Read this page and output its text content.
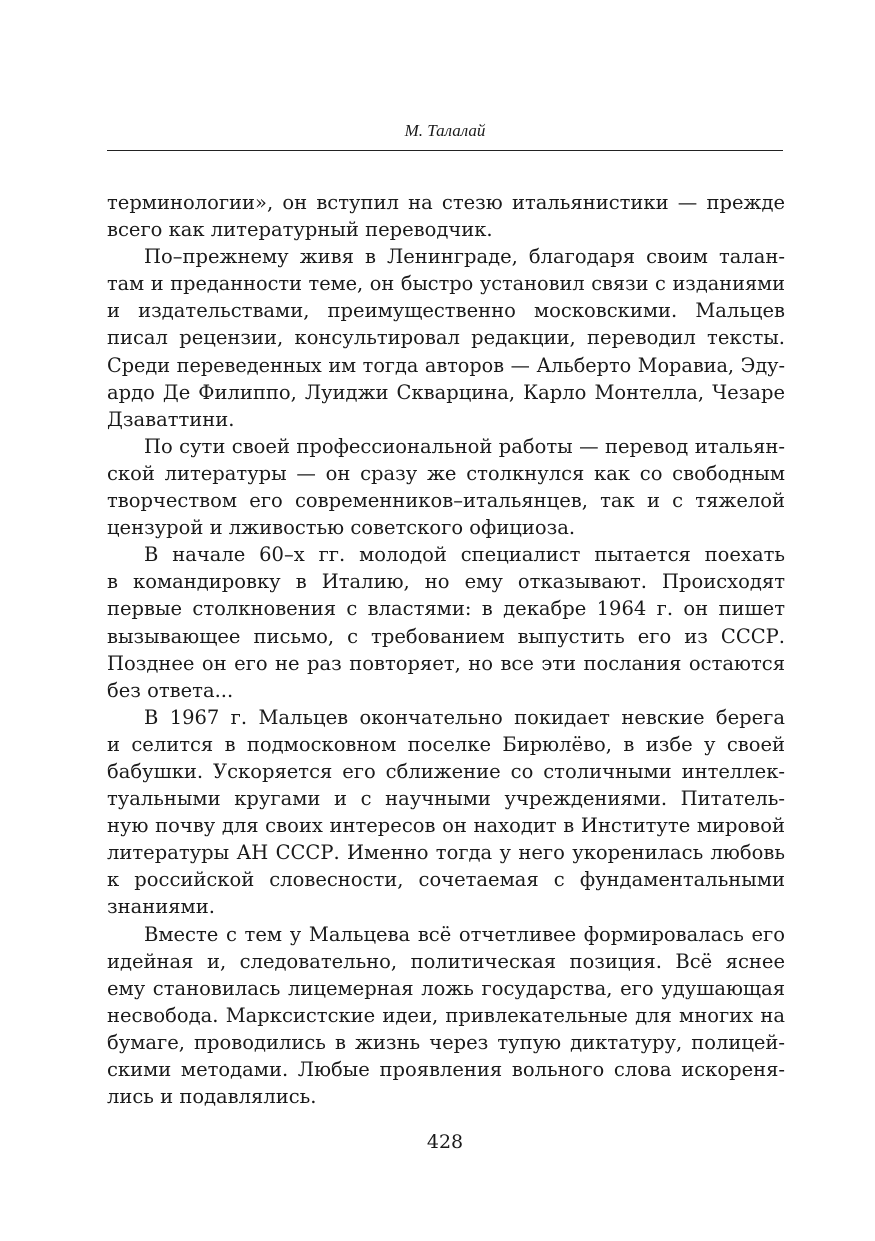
М. Талалай

терминологии», он вступил на стезю итальянистики — прежде
всего как литературный переводчик.

По–прежнему живя в Ленинграде, благодаря своим талан-
там и преданности теме, он быстро установил связи с изданиями
и издательствами, преимущественно московскими. Мальцев
писал рецензии, консультировал редакции, переводил тексты.
Среди переведенных им тогда авторов — Альберто Моравиа, Эду-
ардо Де Филиппо, Луиджи Скварцина, Карло Монтелла, Чезаре
Дзаваттини.

По сути своей профессиональной работы — перевод итальян-
ской литературы — он сразу же столкнулся как со свободным
творчеством его современников–итальянцев, так и с тяжелой
цензурой и лживостью советского официоза.

В начале 60–х гг. молодой специалист пытается поехать
в командировку в Италию, но ему отказывают. Происходят
первые столкновения с властями: в декабре 1964 г. он пишет
вызывающее письмо, с требованием выпустить его из СССР.
Позднее он его не раз повторяет, но все эти послания остаются
без ответа...

В 1967 г. Мальцев окончательно покидает невские берега
и селится в подмосковном поселке Бирюлёво, в избе у своей
бабушки. Ускоряется его сближение со столичными интеллек-
туальными кругами и с научными учреждениями. Питатель-
ную почву для своих интересов он находит в Институте мировой
литературы АН СССР. Именно тогда у него укоренилась любовь
к российской словесности, сочетаемая с фундаментальными
знаниями.

Вместе с тем у Мальцева всё отчетливее формировалась его
идейная и, следовательно, политическая позиция. Всё яснее
ему становилась лицемерная ложь государства, его удушающая
несвобода. Марксистские идеи, привлекательные для многих на
бумаге, проводились в жизнь через тупую диктатуру, полицей-
скими методами. Любые проявления вольного слова искореня-
лись и подавлялись.

428
